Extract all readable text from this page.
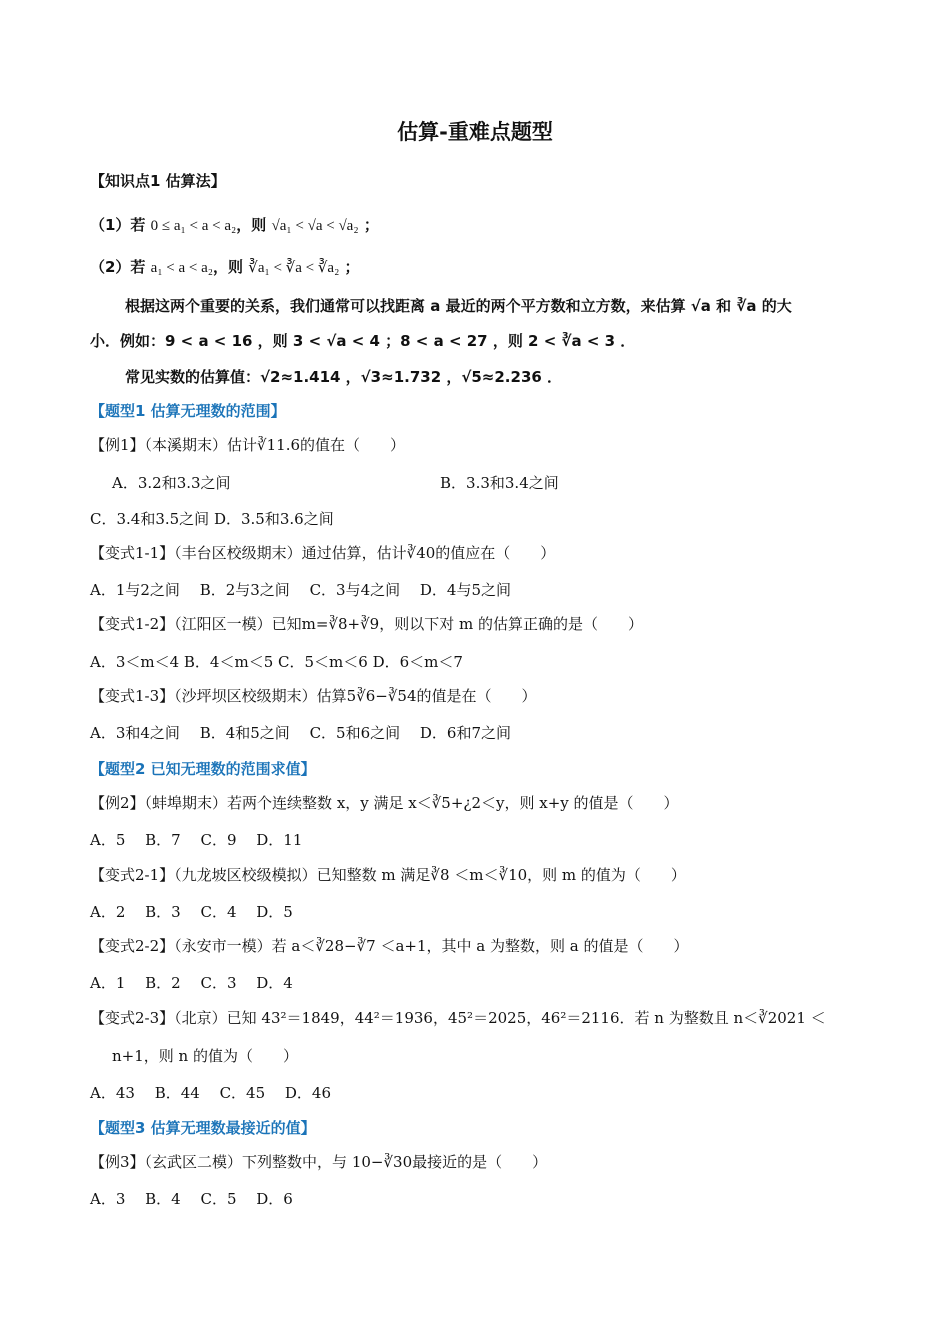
估算-重难点题型
【知识点1 估算法】
（1）若 0 ≤ a₁ < a < a₂，则 √a₁ < √a < √a₂ ；
（2）若 a₁ < a < a₂，则 ∛a₁ < ∛a < ∛a₂ ；
根据这两个重要的关系，我们通常可以找距离 a 最近的两个平方数和立方数，来估算 √a 和 ∛a 的大
小．例如：9 < a < 16 ，则 3 < √a < 4 ；8 < a < 27 ，则 2 < ∛a < 3 ．
常见实数的估算值：√2≈1.414 ，√3≈1.732 ，√5≈2.236 ．
【题型1 估算无理数的范围】
【例1】（本溪期末）估计∛11.6的值在（　　）
A．3.2和3.3之间	B．3.3和3.4之间
C．3.4和3.5之间 D．3.5和3.6之间
【变式1-1】（丰台区校级期末）通过估算，估计∛40的值应在（　　）
A．1与2之间　 B．2与3之间　 C．3与4之间　 D．4与5之间
【变式1-2】（江阳区一模）已知m=∛8+∛9，则以下对 m 的估算正确的是（　　）
A．3＜m＜4 B．4＜m＜5 C．5＜m＜6 D．6＜m＜7
【变式1-3】（沙坪坝区校级期末）估算5∛6−∛54的值是在（　　）
A．3和4之间　 B．4和5之间　 C．5和6之间　 D．6和7之间
【题型2 已知无理数的范围求值】
【例2】（蚌埠期末）若两个连续整数 x，y 满足 x＜∛5+¿2＜y，则 x+y 的值是（　　）
A．5　 B．7　 C．9　 D．11
【变式2-1】（九龙坡区校级模拟）已知整数 m 满足∛8 ＜m＜∛10，则 m 的值为（　　）
A．2　 B．3　 C．4　 D．5
【变式2-2】（永安市一模）若 a＜∛28−∛7 ＜a+1，其中 a 为整数，则 a 的值是（　　）
A．1　 B．2　 C．3　 D．4
【变式2-3】（北京）已知 43²＝1849，44²＝1936，45²＝2025，46²＝2116．若 n 为整数且 n＜∛2021 ＜
n+1，则 n 的值为（　　）
A．43　 B．44　 C．45　 D．46
【题型3 估算无理数最接近的值】
【例3】（玄武区二模）下列整数中，与 10−∛30最接近的是（　　）
A．3　 B．4　 C．5　 D．6
